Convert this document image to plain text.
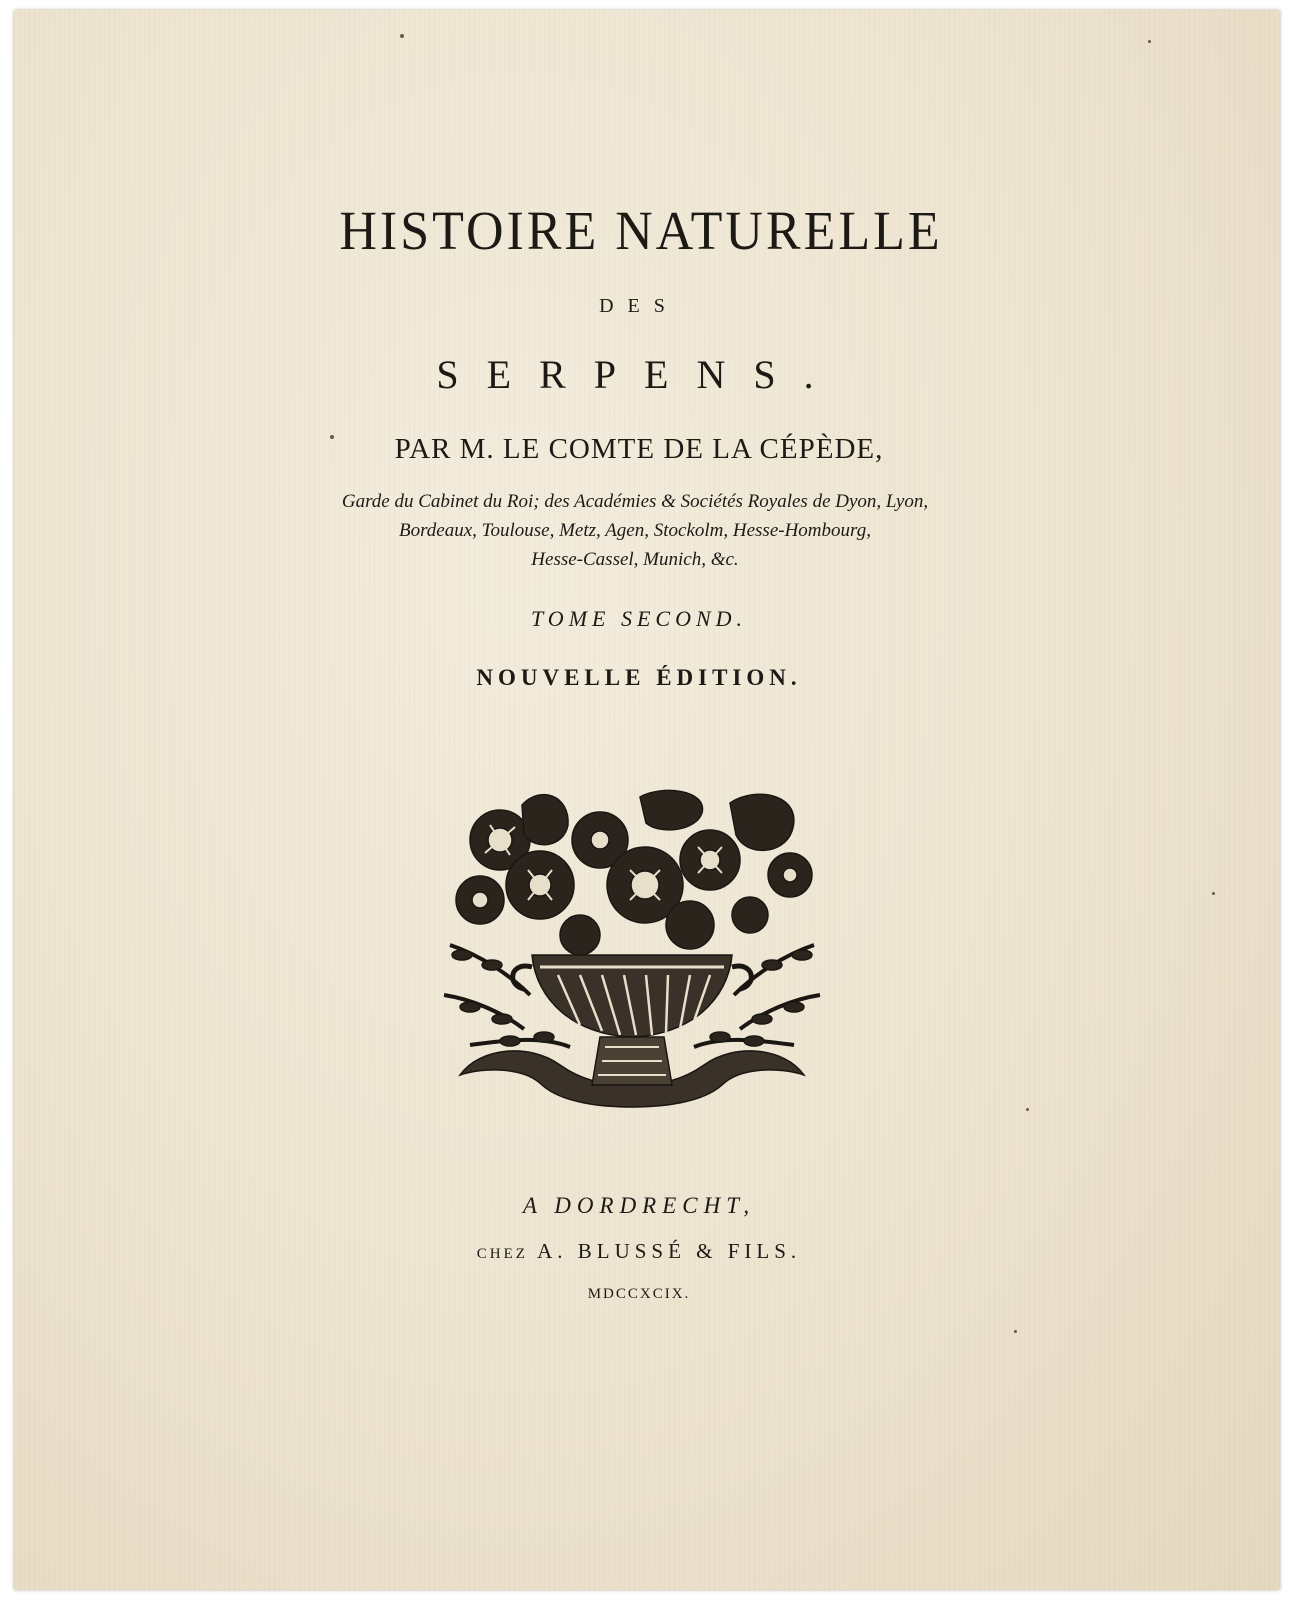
HISTOIRE NATURELLE
DES
SERPENS.
PAR M. LE COMTE DE LA CÉPÈDE,
Garde du Cabinet du Roi; des Académies & Sociétés Royales de Dyon, Lyon,
Bordeaux, Toulouse, Metz, Agen, Stockolm, Hesse-Hombourg,
Hesse-Cassel, Munich, &c.
TOME SECOND.
NOUVELLE ÉDITION.
A DORDRECHT,
CHEZ A. BLUSSÉ & FILS.
MDCCXCIX.
